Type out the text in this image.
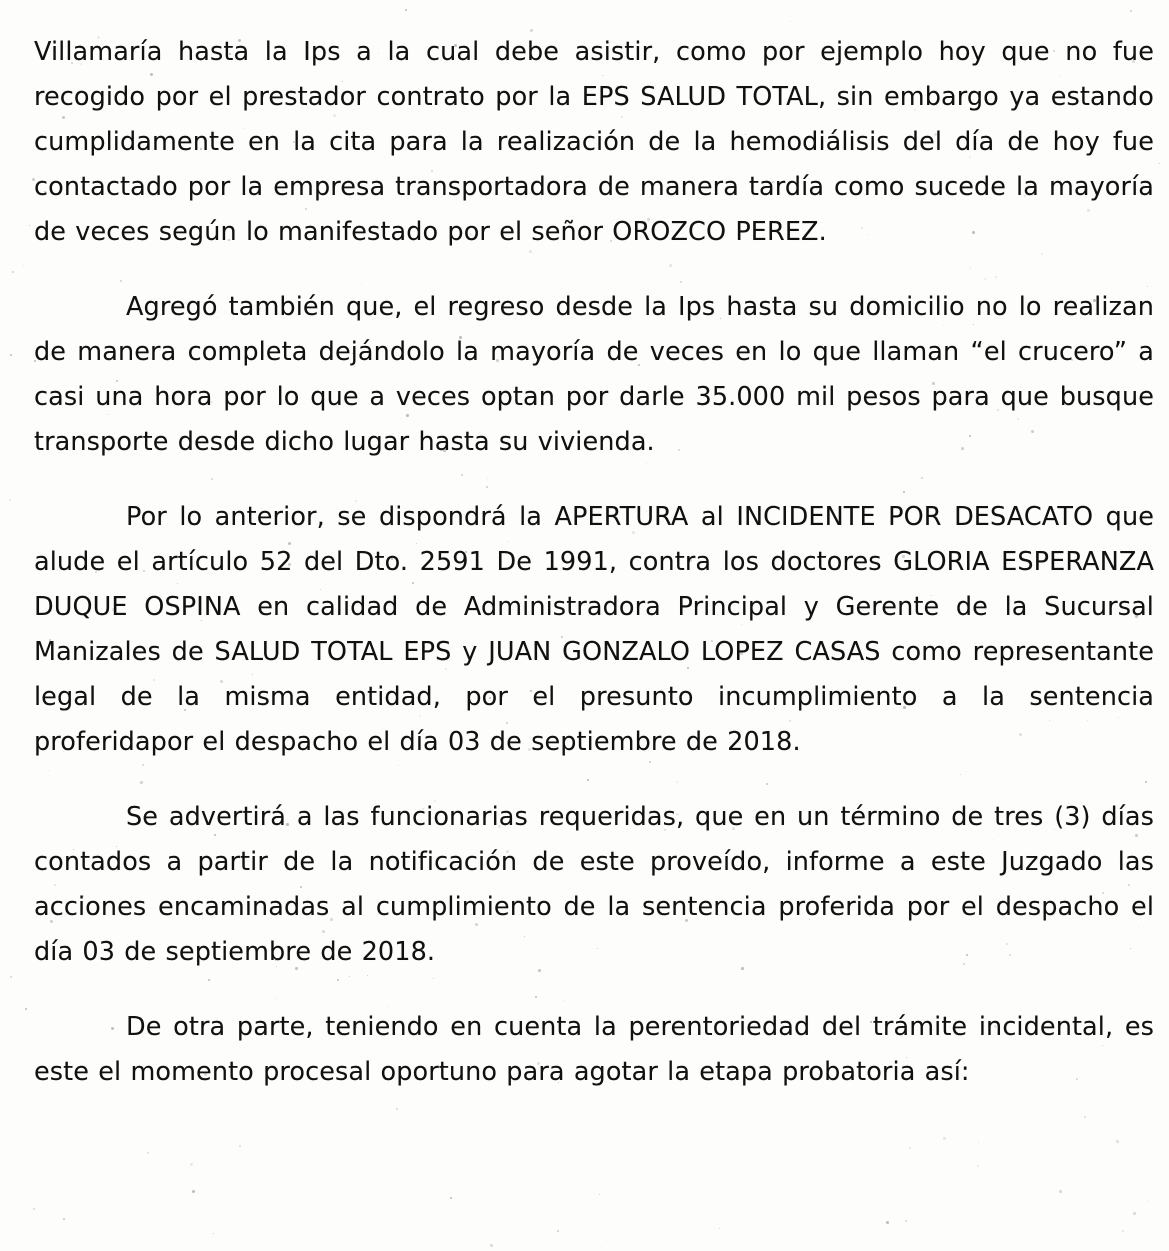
Villamaría hasta la Ips a la cual debe asistir, como por ejemplo hoy que no fue recogido por el prestador contrato por la EPS SALUD TOTAL, sin embargo ya estando cumplidamente en la cita para la realización de la hemodiálisis del día de hoy fue contactado por la empresa transportadora de manera tardía como sucede la mayoría de veces según lo manifestado por el señor OROZCO PEREZ.

Agregó también que, el regreso desde la Ips hasta su domicilio no lo realizan de manera completa dejándolo la mayoría de veces en lo que llaman “el crucero” a casi una hora por lo que a veces optan por darle 35.000 mil pesos para que busque transporte desde dicho lugar hasta su vivienda.

Por lo anterior, se dispondrá la APERTURA al INCIDENTE POR DESACATO que alude el artículo 52 del Dto. 2591 De 1991, contra los doctores GLORIA ESPERANZA DUQUE OSPINA en calidad de Administradora Principal y Gerente de la Sucursal Manizales de SALUD TOTAL EPS y JUAN GONZALO LOPEZ CASAS como representante legal de la misma entidad, por el presunto incumplimiento a la sentencia proferidapor el despacho el día 03 de septiembre de 2018.

Se advertirá a las funcionarias requeridas, que en un término de tres (3) días contados a partir de la notificación de este proveído, informe a este Juzgado las acciones encaminadas al cumplimiento de la sentencia proferida por el despacho el día 03 de septiembre de 2018.

De otra parte, teniendo en cuenta la perentoriedad del trámite incidental, es este el momento procesal oportuno para agotar la etapa probatoria así:
